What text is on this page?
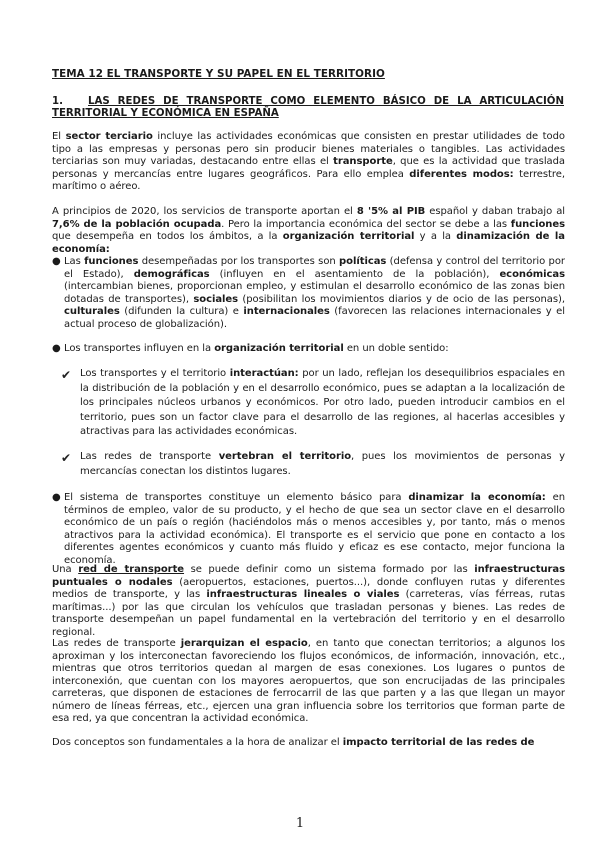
TEMA 12 EL TRANSPORTE Y SU PAPEL EN EL TERRITORIO
1. LAS REDES DE TRANSPORTE COMO ELEMENTO BÁSICO DE LA ARTICULACIÓN TERRITORIAL Y ECONÓMICA EN ESPAÑA
El sector terciario incluye las actividades económicas que consisten en prestar utilidades de todo tipo a las empresas y personas pero sin producir bienes materiales o tangibles. Las actividades terciarias son muy variadas, destacando entre ellas el transporte, que es la actividad que traslada personas y mercancías entre lugares geográficos. Para ello emplea diferentes modos: terrestre, marítimo o aéreo.
A principios de 2020, los servicios de transporte aportan el 8 '5% al PIB español y daban trabajo al 7,6% de la población ocupada. Pero la importancia económica del sector se debe a las funciones que desempeña en todos los ámbitos, a la organización territorial y a la dinamización de la economía:
● Las funciones desempeñadas por los transportes son políticas (defensa y control del territorio por el Estado), demográficas (influyen en el asentamiento de la población), económicas (intercambian bienes, proporcionan empleo, y estimulan el desarrollo económico de las zonas bien dotadas de transportes), sociales (posibilitan los movimientos diarios y de ocio de las personas), culturales (difunden la cultura) e internacionales (favorecen las relaciones internacionales y el actual proceso de globalización).
● Los transportes influyen en la organización territorial en un doble sentido:
✔ Los transportes y el territorio interactúan: por un lado, reflejan los desequilibrios espaciales en la distribución de la población y en el desarrollo económico, pues se adaptan a la localización de los principales núcleos urbanos y económicos. Por otro lado, pueden introducir cambios en el territorio, pues son un factor clave para el desarrollo de las regiones, al hacerlas accesibles y atractivas para las actividades económicas.
✔ Las redes de transporte vertebran el territorio, pues los movimientos de personas y mercancías conectan los distintos lugares.
● El sistema de transportes constituye un elemento básico para dinamizar la economía: en términos de empleo, valor de su producto, y el hecho de que sea un sector clave en el desarrollo económico de un país o región (haciéndolos más o menos accesibles y, por tanto, más o menos atractivos para la actividad económica). El transporte es el servicio que pone en contacto a los diferentes agentes económicos y cuanto más fluido y eficaz es ese contacto, mejor funciona la economía.
Una red de transporte se puede definir como un sistema formado por las infraestructuras puntuales o nodales (aeropuertos, estaciones, puertos...), donde confluyen rutas y diferentes medios de transporte, y las infraestructuras lineales o viales (carreteras, vías férreas, rutas marítimas...) por las que circulan los vehículos que trasladan personas y bienes. Las redes de transporte desempeñan un papel fundamental en la vertebración del territorio y en el desarrollo regional.
Las redes de transporte jerarquizan el espacio, en tanto que conectan territorios; a algunos los aproximan y los interconectan favoreciendo los flujos económicos, de información, innovación, etc., mientras que otros territorios quedan al margen de esas conexiones. Los lugares o puntos de interconexión, que cuentan con los mayores aeropuertos, que son encrucijadas de las principales carreteras, que disponen de estaciones de ferrocarril de las que parten y a las que llegan un mayor número de líneas férreas, etc., ejercen una gran influencia sobre los territorios que forman parte de esa red, ya que concentran la actividad económica.
Dos conceptos son fundamentales a la hora de analizar el impacto territorial de las redes de
1
